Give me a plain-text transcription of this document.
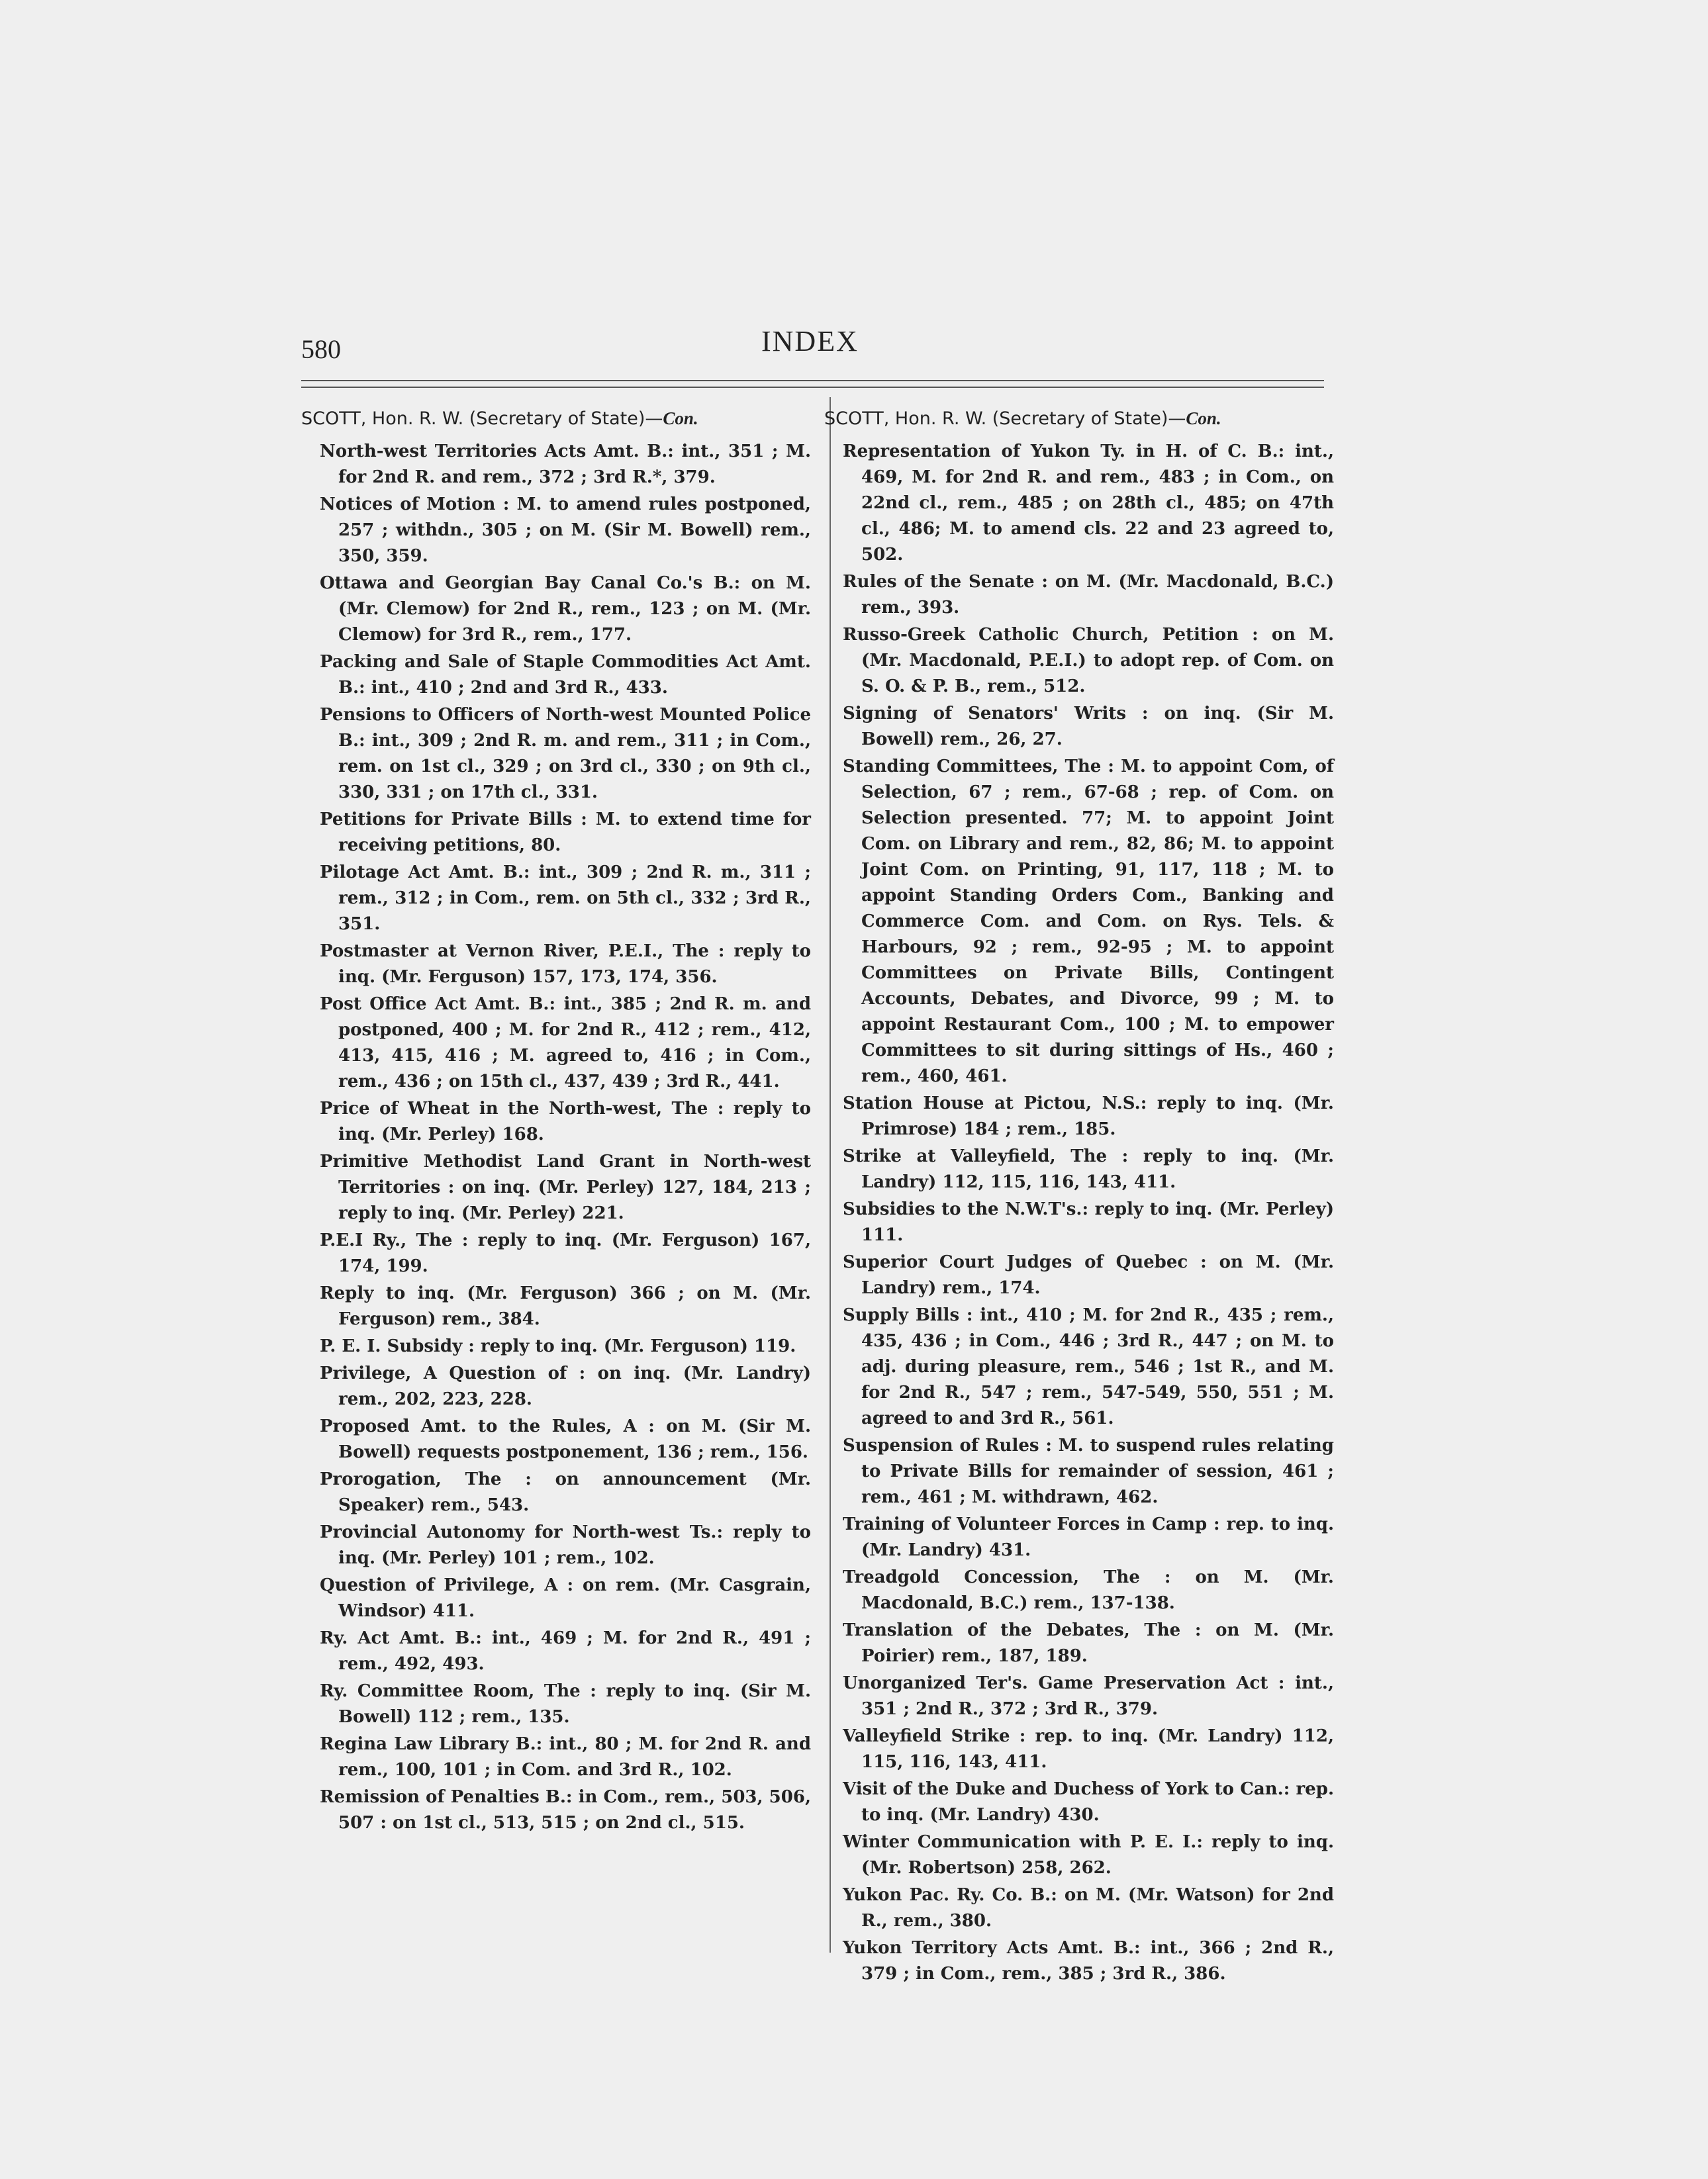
580	INDEX
SCOTT, Hon. R. W. (Secretary of State)—Con.

North-west Territories Acts Amt. B.: int., 351 ; M. for 2nd R. and rem., 372 ; 3rd R.*, 379.

Notices of Motion : M. to amend rules postponed, 257 ; withdn., 305 ; on M. (Sir M. Bowell) rem., 350, 359.

Ottawa and Georgian Bay Canal Co.'s B.: on M. (Mr. Clemow) for 2nd R., rem., 123 ; on M. (Mr. Clemow) for 3rd R., rem., 177.

Packing and Sale of Staple Commodities Act Amt. B.: int., 410 ; 2nd and 3rd R., 433.

Pensions to Officers of North-west Mounted Police B.: int., 309 ; 2nd R. m. and rem., 311 ; in Com., rem. on 1st cl., 329 ; on 3rd cl., 330 ; on 9th cl., 330, 331 ; on 17th cl., 331.

Petitions for Private Bills : M. to extend time for receiving petitions, 80.

Pilotage Act Amt. B.: int., 309 ; 2nd R. m., 311 ; rem., 312 ; in Com., rem. on 5th cl., 332 ; 3rd R., 351.

Postmaster at Vernon River, P.E.I., The : reply to inq. (Mr. Ferguson) 157, 173, 174, 356.

Post Office Act Amt. B.: int., 385 ; 2nd R. m. and postponed, 400 ; M. for 2nd R., 412 ; rem., 412, 413, 415, 416 ; M. agreed to, 416 ; in Com., rem., 436 ; on 15th cl., 437, 439 ; 3rd R., 441.

Price of Wheat in the North-west, The : reply to inq. (Mr. Perley) 168.

Primitive Methodist Land Grant in North-west Territories : on inq. (Mr. Perley) 127, 184, 213 ; reply to inq. (Mr. Perley) 221.

P.E.I Ry., The : reply to inq. (Mr. Ferguson) 167, 174, 199.

Reply to inq. (Mr. Ferguson) 366 ; on M. (Mr. Ferguson) rem., 384.

P. E. I. Subsidy : reply to inq. (Mr. Ferguson) 119.

Privilege, A Question of : on inq. (Mr. Landry) rem., 202, 223, 228.

Proposed Amt. to the Rules, A : on M. (Sir M. Bowell) requests postponement, 136 ; rem., 156.

Prorogation, The : on announcement (Mr. Speaker) rem., 543.

Provincial Autonomy for North-west Ts.: reply to inq. (Mr. Perley) 101 ; rem., 102.

Question of Privilege, A : on rem. (Mr. Casgrain, Windsor) 411.

Ry. Act Amt. B.: int., 469 ; M. for 2nd R., 491 ; rem., 492, 493.

Ry. Committee Room, The : reply to inq. (Sir M. Bowell) 112 ; rem., 135.

Regina Law Library B.: int., 80 ; M. for 2nd R. and rem., 100, 101 ; in Com. and 3rd R., 102.

Remission of Penalties B.: in Com., rem., 503, 506, 507 : on 1st cl., 513, 515 ; on 2nd cl., 515.

SCOTT, Hon. R. W. (Secretary of State)—Con.

Representation of Yukon Ty. in H. of C. B.: int., 469, M. for 2nd R. and rem., 483 ; in Com., on 22nd cl., rem., 485 ; on 28th cl., 485; on 47th cl., 486; M. to amend cls. 22 and 23 agreed to, 502.

Rules of the Senate : on M. (Mr. Macdonald, B.C.) rem., 393.

Russo-Greek Catholic Church, Petition : on M. (Mr. Macdonald, P.E.I.) to adopt rep. of Com. on S. O. & P. B., rem., 512.

Signing of Senators' Writs : on inq. (Sir M. Bowell) rem., 26, 27.

Standing Committees, The : M. to appoint Com, of Selection, 67 ; rem., 67-68 ; rep. of Com. on Selection presented. 77; M. to appoint Joint Com. on Library and rem., 82, 86; M. to appoint Joint Com. on Printing, 91, 117, 118 ; M. to appoint Standing Orders Com., Banking and Commerce Com. and Com. on Rys. Tels. & Harbours, 92 ; rem., 92-95 ; M. to appoint Committees on Private Bills, Contingent Accounts, Debates, and Divorce, 99 ; M. to appoint Restaurant Com., 100 ; M. to empower Committees to sit during sittings of Hs., 460 ; rem., 460, 461.

Station House at Pictou, N.S.: reply to inq. (Mr. Primrose) 184 ; rem., 185.

Strike at Valleyfield, The : reply to inq. (Mr. Landry) 112, 115, 116, 143, 411.

Subsidies to the N.W.T's.: reply to inq. (Mr. Perley) 111.

Superior Court Judges of Quebec : on M. (Mr. Landry) rem., 174.

Supply Bills : int., 410 ; M. for 2nd R., 435 ; rem., 435, 436 ; in Com., 446 ; 3rd R., 447 ; on M. to adj. during pleasure, rem., 546 ; 1st R., and M. for 2nd R., 547 ; rem., 547-549, 550, 551 ; M. agreed to and 3rd R., 561.

Suspension of Rules : M. to suspend rules relating to Private Bills for remainder of session, 461 ; rem., 461 ; M. withdrawn, 462.

Training of Volunteer Forces in Camp : rep. to inq. (Mr. Landry) 431.

Treadgold Concession, The : on M. (Mr. Macdonald, B.C.) rem., 137-138.

Translation of the Debates, The : on M. (Mr. Poirier) rem., 187, 189.

Unorganized Ter's. Game Preservation Act : int., 351 ; 2nd R., 372 ; 3rd R., 379.

Valleyfield Strike : rep. to inq. (Mr. Landry) 112, 115, 116, 143, 411.

Visit of the Duke and Duchess of York to Can.: rep. to inq. (Mr. Landry) 430.

Winter Communication with P. E. I.: reply to inq. (Mr. Robertson) 258, 262.

Yukon Pac. Ry. Co. B.: on M. (Mr. Watson) for 2nd R., rem., 380.

Yukon Territory Acts Amt. B.: int., 366 ; 2nd R., 379 ; in Com., rem., 385 ; 3rd R., 386.
